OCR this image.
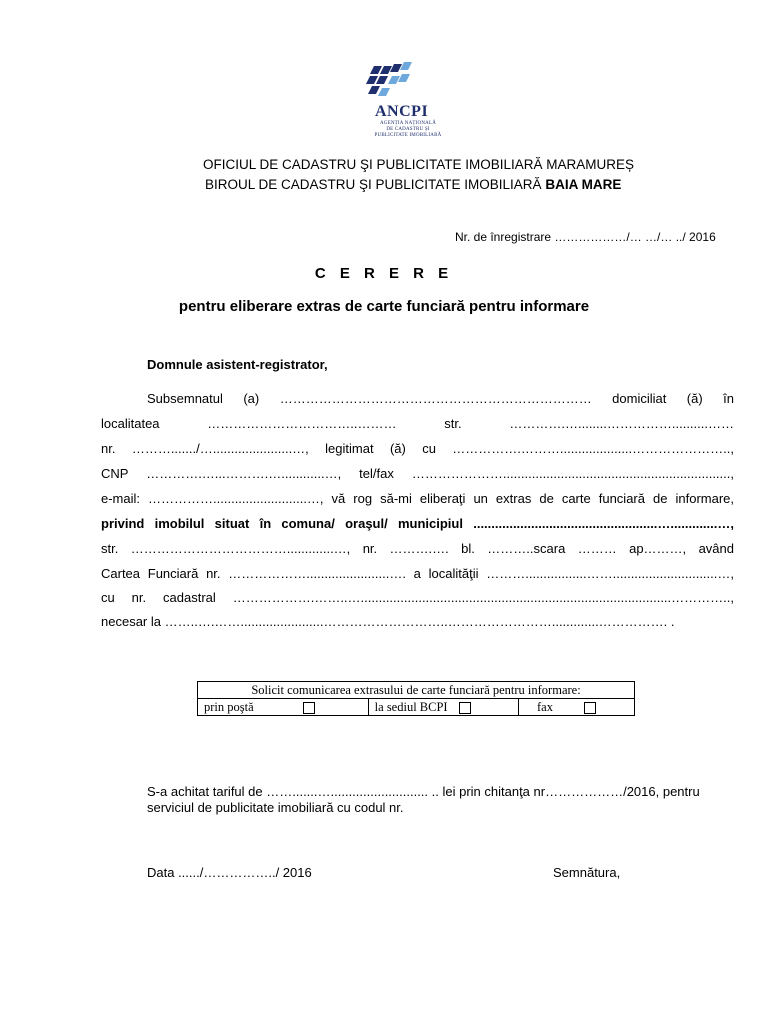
ANCPI
AGENȚIA NAȚIONALĂ
DE CADASTRU ȘI
PUBLICITATE IMOBILIARĂ
OFICIUL DE CADASTRU ŞI PUBLICITATE IMOBILIARĂ MARAMUREȘ
BIROUL DE CADASTRU ŞI PUBLICITATE IMOBILIARĂ BAIA MARE
Nr. de înregistrare ………………/… …/… ../ 2016
C E R E R E
pentru eliberare extras de carte funciară pentru informare
Domnule asistent-registrator,
Subsemnatul (a) ……………………………………………………………… domiciliat (ă) în
localitatea ……………………………..……… str. ………….…........……………..........……
nr. ………......./…......................…, legitimat (ă) cu …………….………....................…………………..,
CNP ………….…...……….…............…, tel/fax …………………...............................................................,
e-mail: ……………..........................…, vă rog să-mi eliberaţi un extras de carte funciară de informare,
privind imobilul situat în comuna/ oraşul/ municipiul ...................................................….............…,
str. ……………………………….............…, nr. ……….…. bl. ………..scara ……… ap………, având
Cartea Funciară nr. ……………….......................…. a localităţii ……….................…….............................…,
cu nr. cadastral ……………….……..…......................................................................................…………..,
necesar la ……..….…….......................………………………..…………………….............……………. .
Solicit comunicarea extrasului de carte funciară pentru informare:
prin poştă	la sediul BCPI	fax
S-a achitat tariful de …….......…........................... .. lei prin chitanţa nr………………/2016, pentru
serviciul de publicitate imobiliară cu codul nr.
Data ....../……………../ 2016	Semnătura,
